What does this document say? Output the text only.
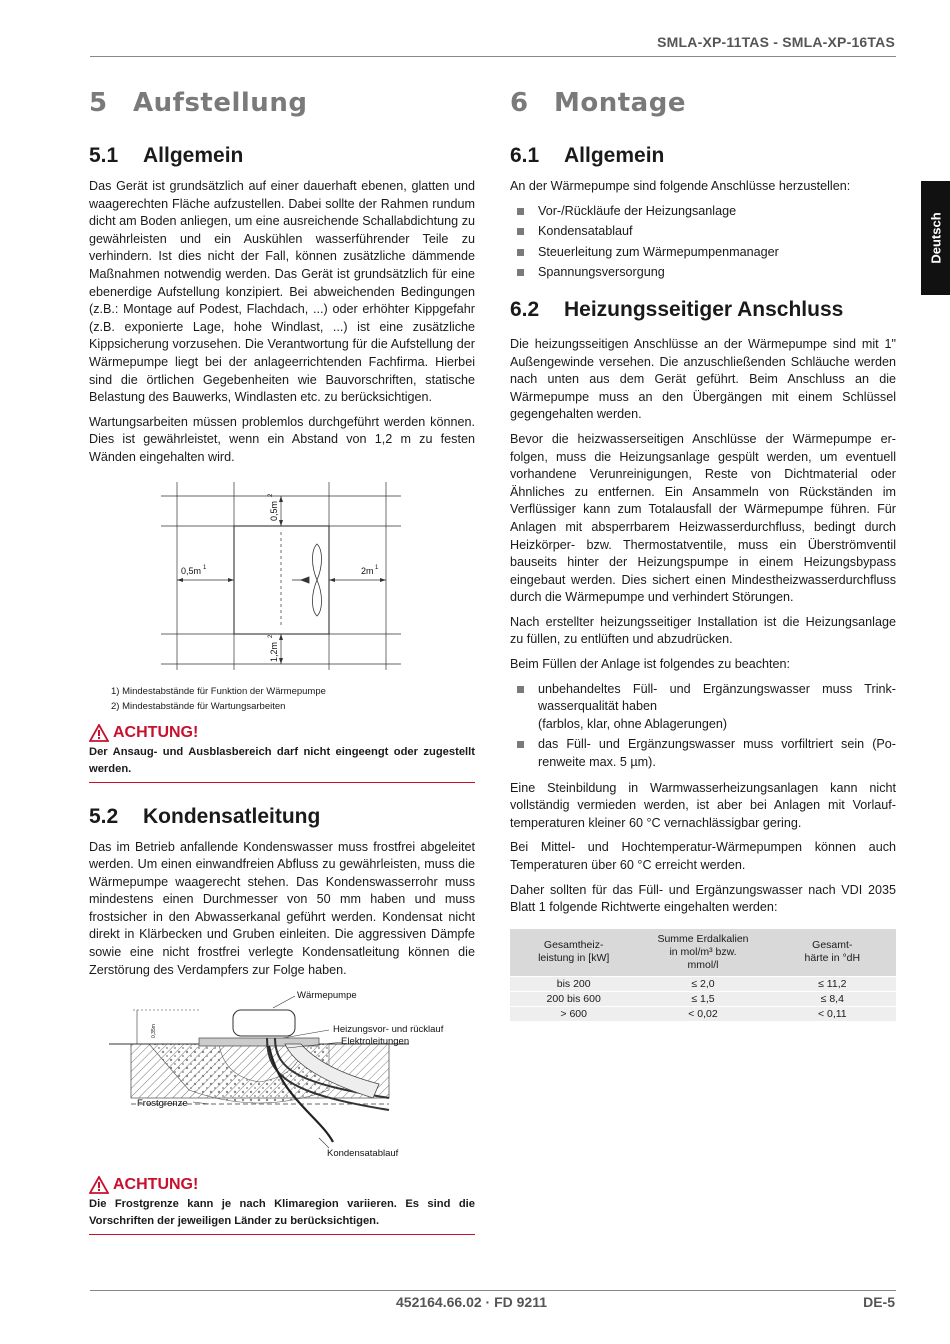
SMLA-XP-11TAS - SMLA-XP-16TAS
Deutsch
5 Aufstellung
5.1 Allgemein

Das Gerät ist grundsätzlich auf einer dauerhaft ebenen, glatten und waagerechten Fläche aufzustellen. Dabei sollte der Rahmen rundum dicht am Boden anliegen, um eine ausreichende Schallabdichtung zu gewährleisten und ein Auskühlen wasserführender Teile zu verhindern. Ist dies nicht der Fall, können zusätzliche dämmende Maßnahmen notwendig werden. Das Gerät ist grundsätzlich für eine ebenerdige Aufstellung konzipiert. Bei abweichenden Bedingungen (z.B.: Montage auf Podest, Flachdach, ...) oder erhöhter Kippgefahr (z.B. exponierte Lage, hohe Windlast, ...) ist eine zusätzliche Kippsicherung vorzusehen. Die Verantwortung für die Aufstellung der Wärmepumpe liegt bei der anlageerrichtenden Fachfirma. Hierbei sind die örtlichen Gegebenheiten wie Bauvorschriften, statische Belastung des Bauwerks, Windlasten etc. zu berücksichtigen.

Wartungsarbeiten müssen problemlos durchgeführt werden können. Dies ist gewährleistet, wenn ein Abstand von 1,2 m zu festen Wänden eingehalten wird.

0,5m 1	2m 1
0,5m
2
1,2m
2
1) Mindestabstände für Funktion der Wärmepumpe
2) Mindestabstände für Wartungsarbeiten
ACHTUNG!
Der Ansaug- und Ausblasbereich darf nicht eingeengt oder zugestellt werden.
5.2 Kondensatleitung

Das im Betrieb anfallende Kondenswasser muss frostfrei abgeleitet werden. Um einen einwandfreien Abfluss zu gewährleisten, muss die Wärmepumpe waagerecht stehen. Das Kondenswasserrohr muss mindestens einen Durchmesser von 50 mm haben und muss frostsicher in den Abwasserkanal geführt werden. Kondensat nicht direkt in Klärbecken und Gruben einleiten. Die aggressiven Dämpfe sowie eine nicht frostfrei verlegte Kondensatleitung können die Zerstörung des Verdampfers zur Folge haben.

Wärmepumpe
Heizungsvor- und rücklauf
Elektroleitungen
Frostgrenze
Kondensatablauf
0,35m
ACHTUNG!
Die Frostgrenze kann je nach Klimaregion variieren. Es sind die Vorschriften der jeweiligen Länder zu berücksichtigen.
6 Montage
6.1 Allgemein

An der Wärmepumpe sind folgende Anschlüsse herzustellen:

Vor-/Rückläufe der Heizungsanlage
Kondensatablauf
Steuerleitung zum Wärmepumpenmanager
Spannungsversorgung
6.2 Heizungsseitiger Anschluss

Die heizungsseitigen Anschlüsse an der Wärmepumpe sind mit 1" Außengewinde versehen. Die anzuschließenden Schläuche werden nach unten aus dem Gerät geführt. Beim Anschluss an die Wärmepumpe muss an den Übergängen mit einem Schlüssel gegengehalten werden.

Bevor die heizwasserseitigen Anschlüsse der Wärmepumpe erfolgen, muss die Heizungsanlage gespült werden, um eventuell vorhandene Verunreinigungen, Reste von Dichtmaterial oder Ähnliches zu entfernen. Ein Ansammeln von Rückständen im Verflüssiger kann zum Totalausfall der Wärmepumpe führen. Für Anlagen mit absperrbarem Heizwasserdurchfluss, bedingt durch Heizkörper- bzw. Thermostatventile, muss ein Überströmventil bauseits hinter der Heizungspumpe in einem Heizungsbypass eingebaut werden. Dies sichert einen Mindestheizwasserdurchfluss durch die Wärmepumpe und verhindert Störungen.

Nach erstellter heizungsseitiger Installation ist die Heizungsanlage zu füllen, zu entlüften und abzudrücken.

Beim Füllen der Anlage ist folgendes zu beachten:

unbehandeltes Füll- und Ergänzungswasser muss Trinkwasserqualität haben
(farblos, klar, ohne Ablagerungen)
das Füll- und Ergänzungswasser muss vorfiltriert sein (Porenweite max. 5 µm).

Eine Steinbildung in Warmwasserheizungsanlagen kann nicht vollständig vermieden werden, ist aber bei Anlagen mit Vorlauftemperaturen kleiner 60 °C vernachlässigbar gering.

Bei Mittel- und Hochtemperatur-Wärmepumpen können auch Temperaturen über 60 °C erreicht werden.

Daher sollten für das Füll- und Ergänzungswasser nach VDI 2035 Blatt 1 folgende Richtwerte eingehalten werden:

Gesamtheiz-
leistung in [kW]	Summe Erdalkalien
in mol/m³ bzw.
mmol/l	Gesamt-
härte in °dH
bis 200	≤ 2,0	≤ 11,2
200 bis 600	≤ 1,5	≤ 8,4
> 600	< 0,02	< 0,11
452164.66.02 · FD 9211	DE-5
